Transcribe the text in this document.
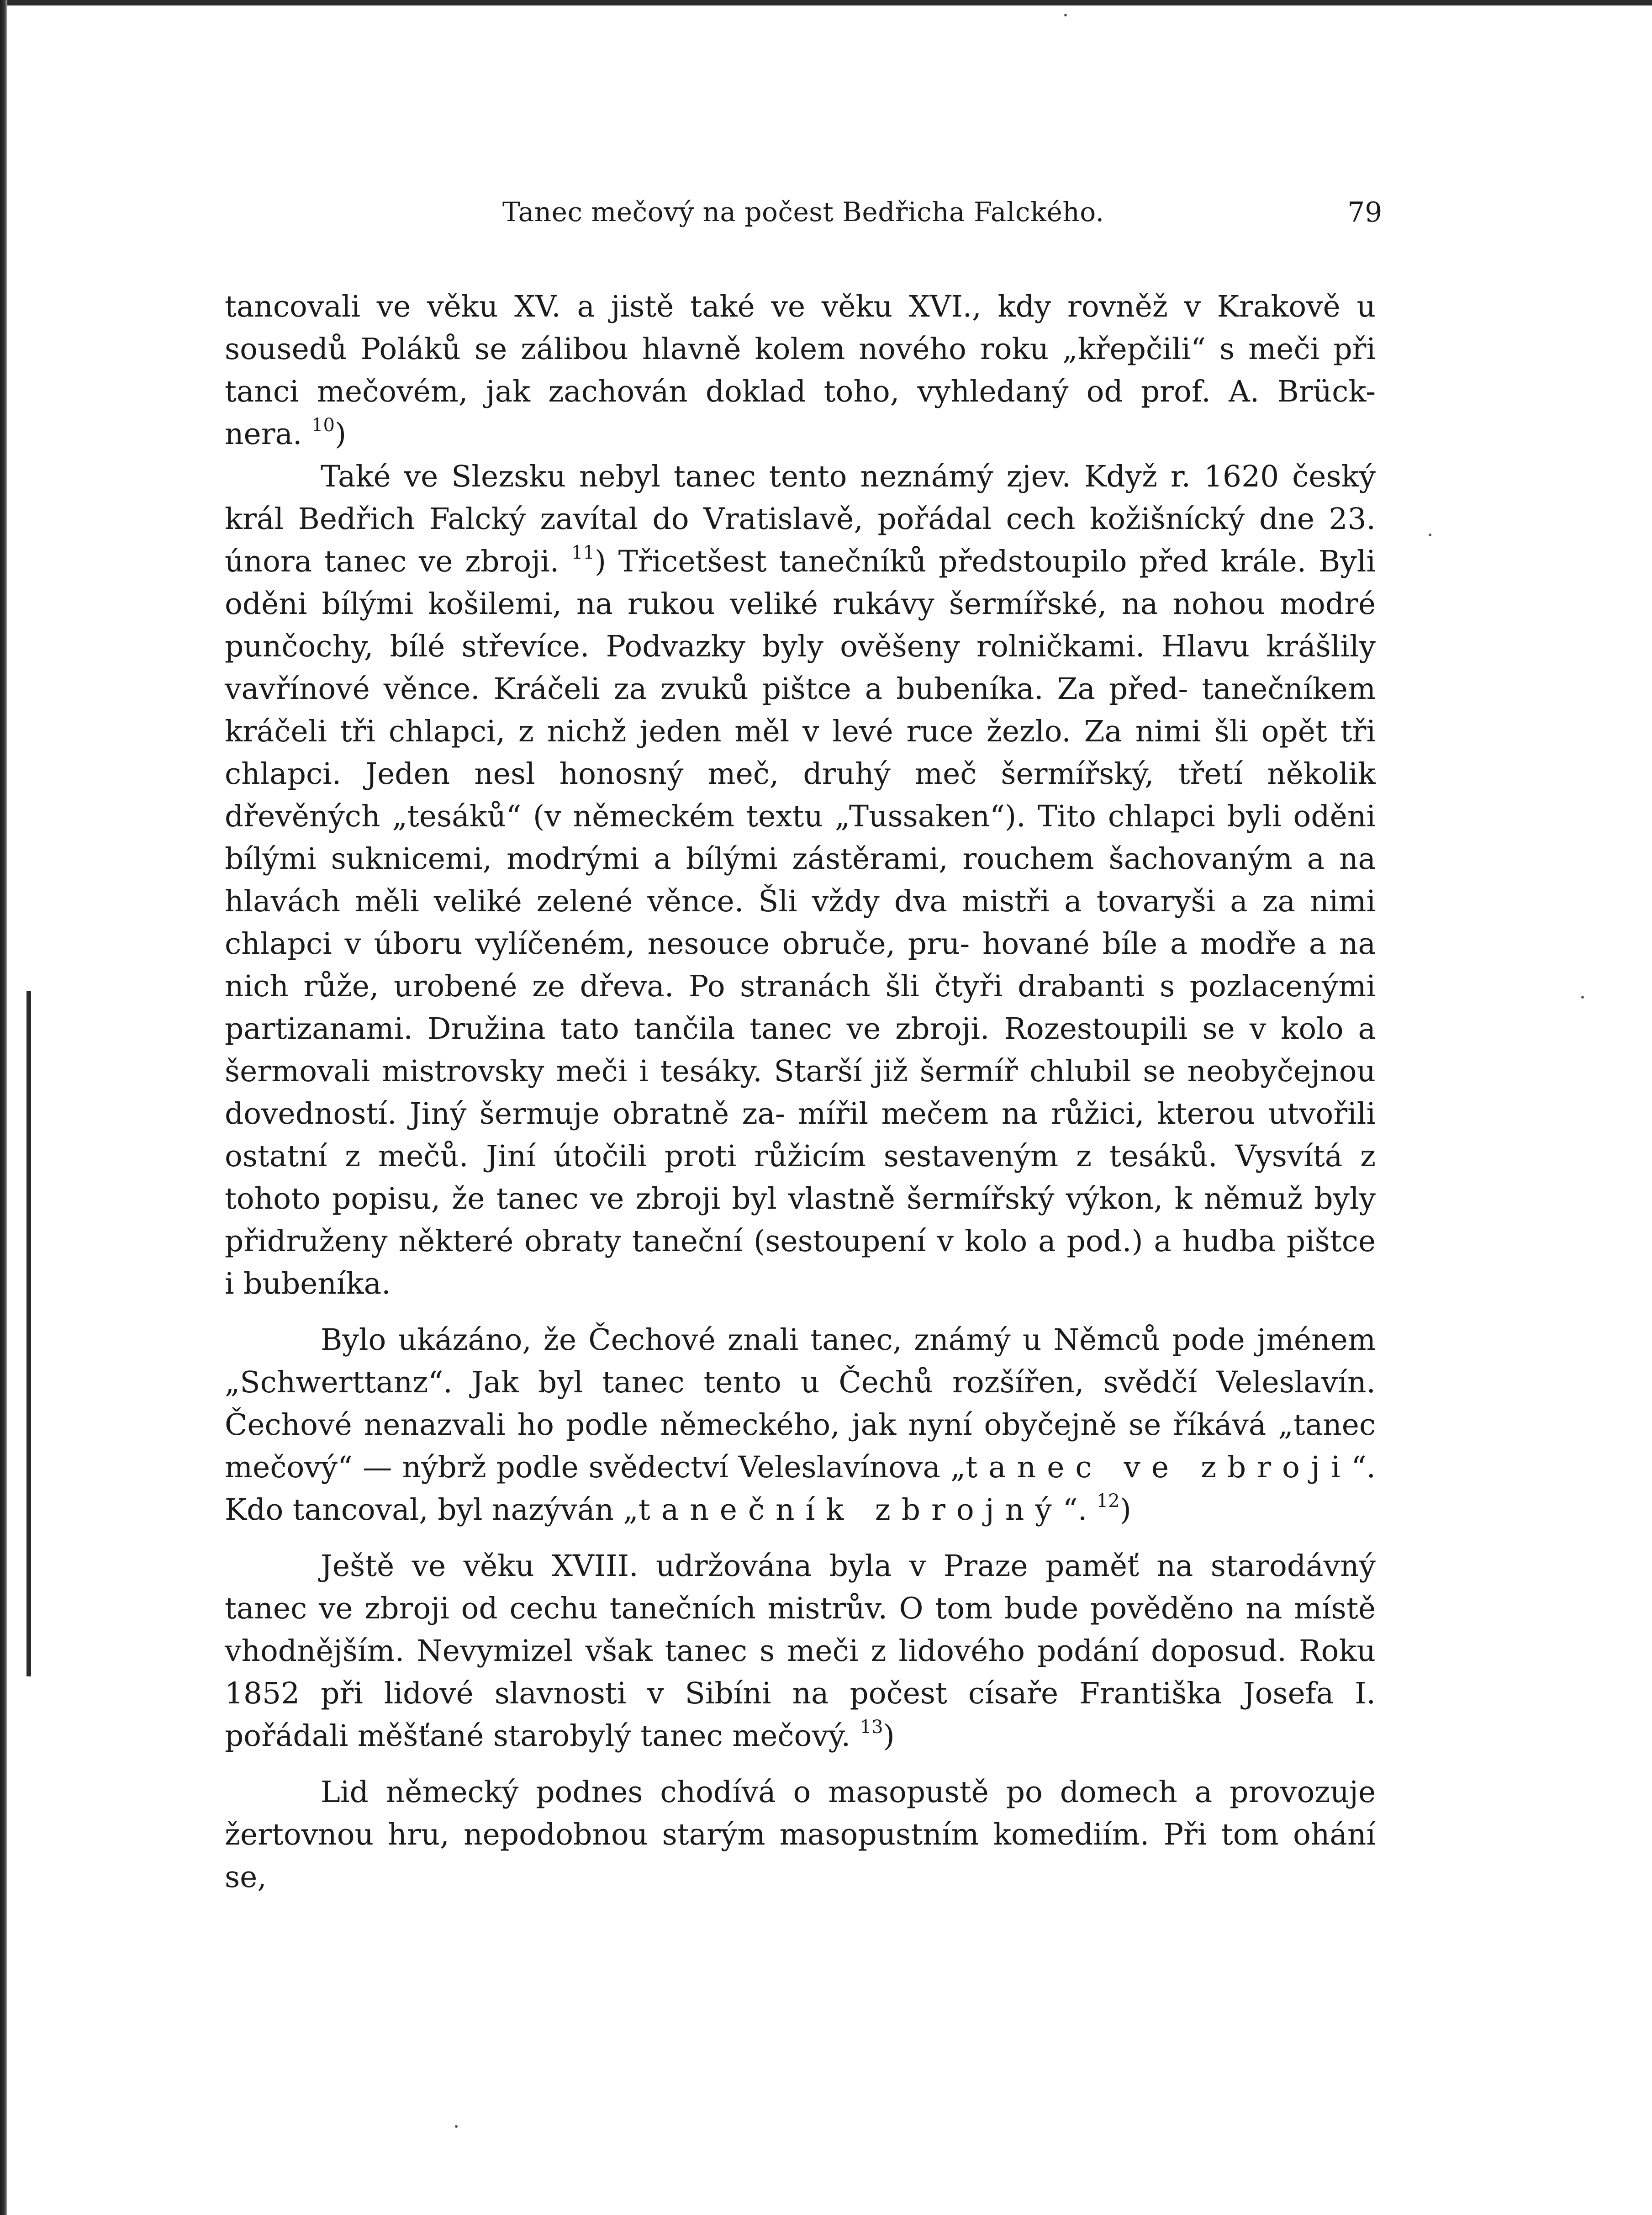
Tanec mečový na počest Bedřicha Falckého.	79

tancovali ve věku XV. a jistě také ve věku XVI., kdy rovněž v Krakově u sousedů Poláků se zálibou hlavně kolem nového roku „křepčili“ s meči při tanci mečovém, jak zachován doklad toho, vyhledaný od prof. A. Brück- nera. $^{10}$)

Také ve Slezsku nebyl tanec tento neznámý zjev. Když r. 1620 český král Bedřich Falcký zavítal do Vratislavě, pořádal cech kožišnícký dne 23. února tanec ve zbroji. $^{11}$) Třicetšest tanečníků předstoupilo před krále. Byli oděni bílými košilemi, na rukou veliké rukávy šermířské, na nohou modré punčochy, bílé střevíce. Podvazky byly ověšeny rolničkami. Hlavu krášlily vavřínové věnce. Kráčeli za zvuků pištce a bubeníka. Za před- tanečníkem kráčeli tři chlapci, z nichž jeden měl v levé ruce žezlo. Za nimi šli opět tři chlapci. Jeden nesl honosný meč, druhý meč šermířský, třetí několik dřevěných „tesáků“ (v německém textu „Tussaken“). Tito chlapci byli oděni bílými suknicemi, modrými a bílými zástěrami, rouchem šachovaným a na hlavách měli veliké zelené věnce. Šli vždy dva mistři a tovaryši a za nimi chlapci v úboru vylíčeném, nesouce obruče, pru- hované bíle a modře a na nich růže, urobené ze dřeva. Po stranách šli čtyři drabanti s pozlacenými partizanami. Družina tato tančila tanec ve zbroji. Rozestoupili se v kolo a šermovali mistrovsky meči i tesáky. Starší již šermíř chlubil se neobyčejnou dovedností. Jiný šermuje obratně za- mířil mečem na růžici, kterou utvořili ostatní z mečů. Jiní útočili proti růžicím sestaveným z tesáků. Vysvítá z tohoto popisu, že tanec ve zbroji byl vlastně šermířský výkon, k němuž byly přidruženy některé obraty taneční (sestoupení v kolo a pod.) a hudba pištce i bubeníka.

Bylo ukázáno, že Čechové znali tanec, známý u Němců pode jménem „Schwerttanz“. Jak byl tanec tento u Čechů rozšířen, svědčí Veleslavín. Čechové nenazvali ho podle německého, jak nyní obyčejně se říkává „tanec mečový“ — nýbrž podle svědectví Veleslavínova „tanec ve zbroji“. Kdo tancoval, byl nazýván „tanečník zbrojný“. $^{12}$)

Ještě ve věku XVIII. udržována byla v Praze paměť na starodávný tanec ve zbroji od cechu tanečních mistrův. O tom bude pověděno na místě vhodnějším. Nevymizel však tanec s meči z lidového podání doposud. Roku 1852 při lidové slavnosti v Sibíni na počest císaře Františka Josefa I. pořádali měšťané starobylý tanec mečový. $^{13}$)

Lid německý podnes chodívá o masopustě po domech a provozuje žertovnou hru, nepodobnou starým masopustním komediím. Při tom ohání se,
